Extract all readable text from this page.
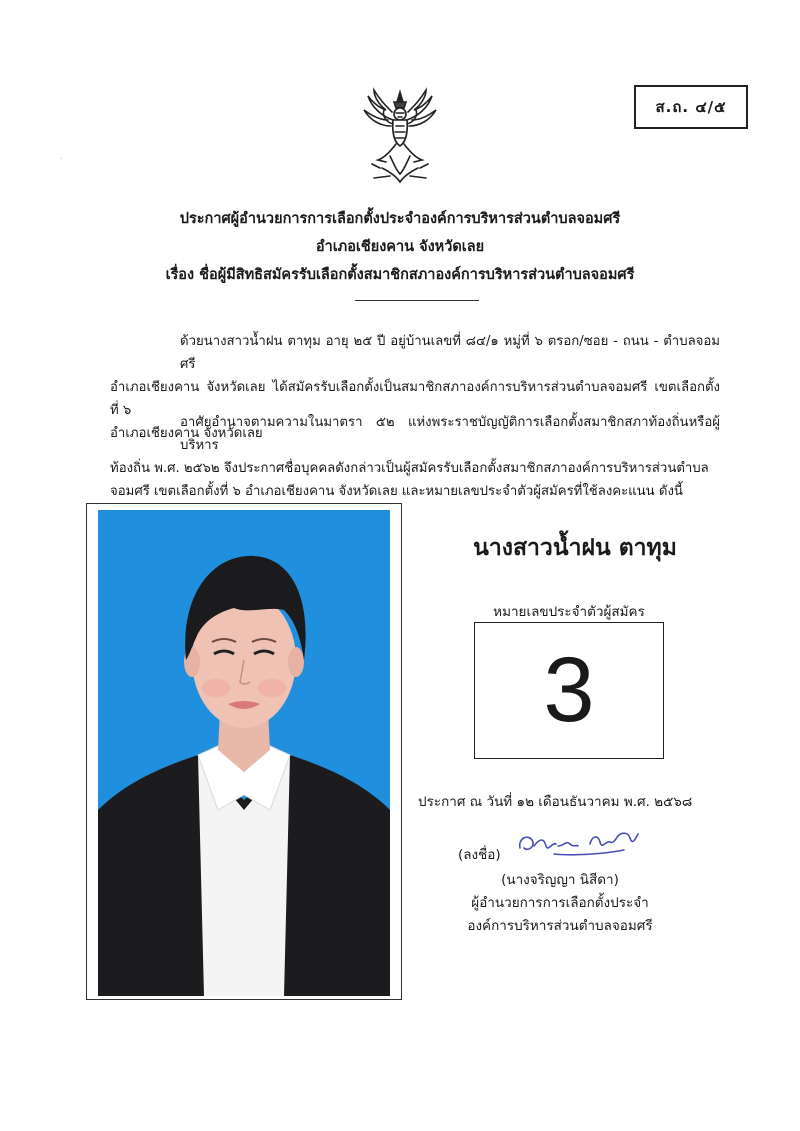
·
ส.ถ. ๔/๕
ประกาศผู้อำนวยการการเลือกตั้งประจำองค์การบริหารส่วนตำบลจอมศรี
อำเภอเชียงคาน จังหวัดเลย
เรื่อง ชื่อผู้มีสิทธิสมัครรับเลือกตั้งสมาชิกสภาองค์การบริหารส่วนตำบลจอมศรี
ด้วยนางสาวน้ำฝน ตาทุม อายุ ๒๕ ปี อยู่บ้านเลขที่ ๘๔/๑ หมู่ที่ ๖ ตรอก/ซอย - ถนน - ตำบลจอมศรี
อำเภอเชียงคาน จังหวัดเลย ได้สมัครรับเลือกตั้งเป็นสมาชิกสภาองค์การบริหารส่วนตำบลจอมศรี เขตเลือกตั้งที่ ๖
อำเภอเชียงคาน จังหวัดเลย
อาศัยอำนาจตามความในมาตรา ๕๒ แห่งพระราชบัญญัติการเลือกตั้งสมาชิกสภาท้องถิ่นหรือผู้บริหาร
ท้องถิ่น พ.ศ. ๒๕๖๒ จึงประกาศชื่อบุคคลดังกล่าวเป็นผู้สมัครรับเลือกตั้งสมาชิกสภาองค์การบริหารส่วนตำบล
จอมศรี เขตเลือกตั้งที่ ๖ อำเภอเชียงคาน จังหวัดเลย และหมายเลขประจำตัวผู้สมัครที่ใช้ลงคะแนน ดังนี้
นางสาวน้ำฝน ตาทุม
หมายเลขประจำตัวผู้สมัคร
3
ประกาศ ณ วันที่ ๑๒ เดือนธันวาคม พ.ศ. ๒๕๖๘
(ลงชื่อ)
(นางจริญญา นิสีดา)
ผู้อำนวยการการเลือกตั้งประจำ
องค์การบริหารส่วนตำบลจอมศรี
